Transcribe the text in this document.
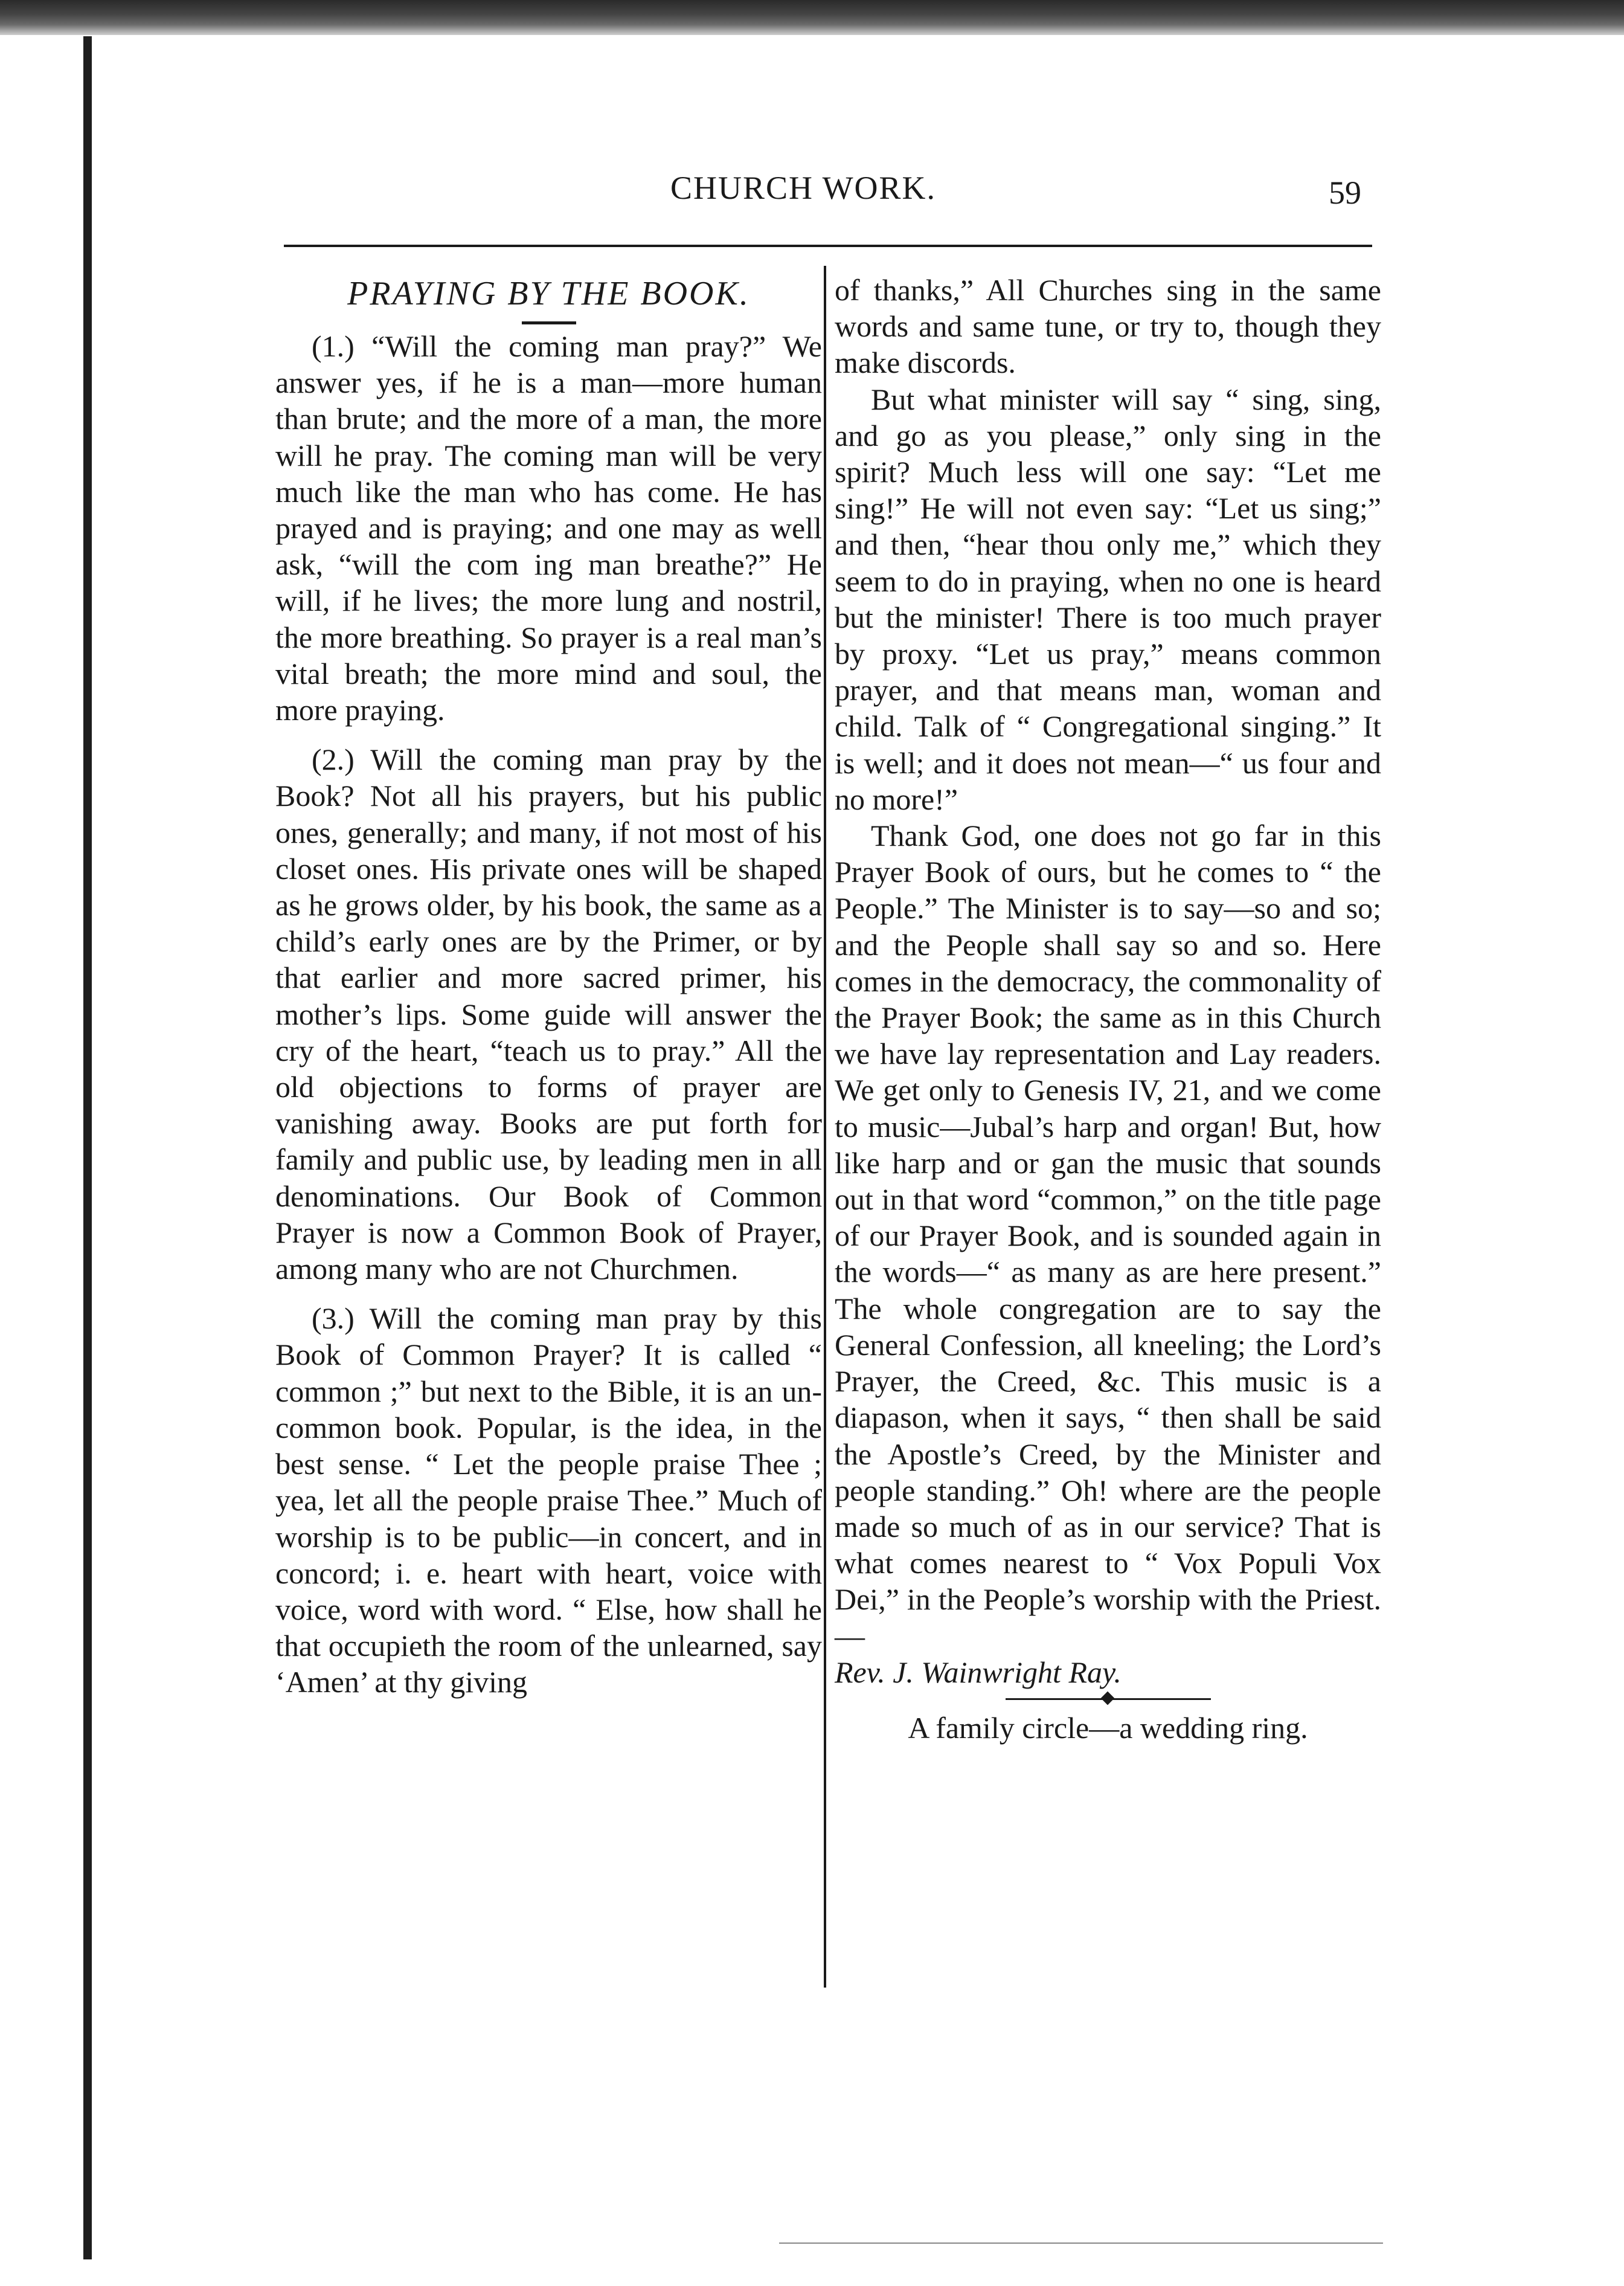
CHURCH WORK.	59
PRAYING BY THE BOOK.

(1.) “Will the coming man pray?” We answer yes, if he is a man—more human than brute; and the more of a man, the more will he pray. The coming man will be very much like the man who has come. He has prayed and is praying; and one may as well ask, “will the com ing man breathe?” He will, if he lives; the more lung and nostril, the more breathing. So prayer is a real man’s vital breath; the more mind and soul, the more praying.

(2.) Will the coming man pray by the Book? Not all his prayers, but his public ones, generally; and many, if not most of his closet ones. His private ones will be shaped as he grows older, by his book, the same as a child’s early ones are by the Primer, or by that earlier and more sacred primer, his mother’s lips. Some guide will answer the cry of the heart, “teach us to pray.” All the old objections to forms of prayer are vanishing away. Books are put forth for family and public use, by leading men in all denominations. Our Book of Common Prayer is now a Common Book of Prayer, among many who are not Churchmen.

(3.) Will the coming man pray by this Book of Common Prayer? It is called “ common ;” but next to the Bible, it is an un-common book. Popular, is the idea, in the best sense. “ Let the people praise Thee ; yea, let all the people praise Thee.” Much of worship is to be public—in concert, and in concord; i. e. heart with heart, voice with voice, word with word. “ Else, how shall he that occupieth the room of the unlearned, say ‘Amen’ at thy giving

of thanks,” All Churches sing in the same words and same tune, or try to, though they make discords.

But what minister will say “ sing, sing, and go as you please,” only sing in the spirit? Much less will one say: “Let me sing!” He will not even say: “Let us sing;” and then, “hear thou only me,” which they seem to do in praying, when no one is heard but the minister! There is too much prayer by proxy. “Let us pray,” means common prayer, and that means man, woman and child. Talk of “ Congregational singing.” It is well; and it does not mean—“ us four and no more!”

Thank God, one does not go far in this Prayer Book of ours, but he comes to “ the People.” The Minister is to say—so and so; and the People shall say so and so. Here comes in the democracy, the commonality of the Prayer Book; the same as in this Church we have lay representation and Lay readers. We get only to Genesis IV, 21, and we come to music—Jubal’s harp and organ! But, how like harp and or gan the music that sounds out in that word “common,” on the title page of our Prayer Book, and is sounded again in the words—“ as many as are here present.” The whole congregation are to say the General Confession, all kneeling; the Lord’s Prayer, the Creed, &c. This music is a diapason, when it says, “ then shall be said the Apostle’s Creed, by the Minister and people standing.” Oh! where are the people made so much of as in our service? That is what comes nearest to “ Vox Populi Vox Dei,” in the People’s worship with the Priest.—

Rev. J. Wainwright Ray.

A family circle—a wedding ring.
